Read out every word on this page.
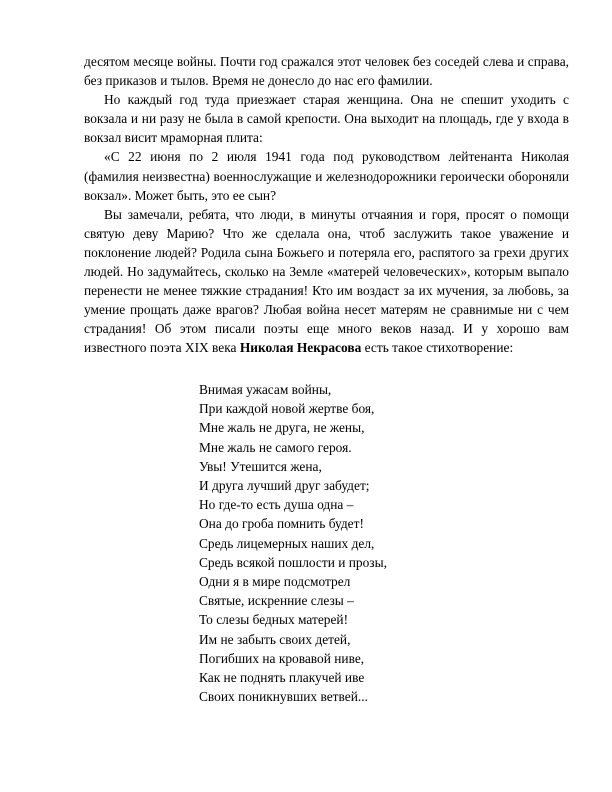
десятом месяце войны. Почти год сражался этот человек без соседей слева и справа, без приказов и тылов. Время не донесло до нас его фамилии.

Но каждый год туда приезжает старая женщина. Она не спешит уходить с вокзала и ни разу не была в самой крепости. Она выходит на площадь, где у входа в вокзал висит мраморная плита:

«С 22 июня по 2 июля 1941 года под руководством лейтенанта Николая (фамилия неизвестна) военнослужащие и железнодорожники героически обороняли вокзал». Может быть, это ее сын?

Вы замечали, ребята, что люди, в минуты отчаяния и горя, просят о помощи святую деву Марию? Что же сделала она, чтоб заслужить такое уважение и поклонение людей? Родила сына Божьего и потеряла его, распятого за грехи других людей. Но задумайтесь, сколько на Земле «матерей человеческих», которым выпало перенести не менее тяжкие страдания! Кто им воздаст за их мучения, за любовь, за умение прощать даже врагов? Любая война несет матерям не сравнимые ни с чем страдания! Об этом писали поэты еще много веков назад. И у хорошо вам известного поэта XIX века Николая Некрасова есть такое стихотворение:

Внимая ужасам войны,
При каждой новой жертве боя,
Мне жаль не друга, не жены,
Мне жаль не самого героя.
Увы! Утешится жена,
И друга лучший друг забудет;
Но где-то есть душа одна –
Она до гроба помнить будет!
Средь лицемерных наших дел,
Средь всякой пошлости и прозы,
Одни я в мире подсмотрел
Святые, искренние слезы –
То слезы бедных матерей!
Им не забыть своих детей,
Погибших на кровавой ниве,
Как не поднять плакучей иве
Своих поникнувших ветвей...
